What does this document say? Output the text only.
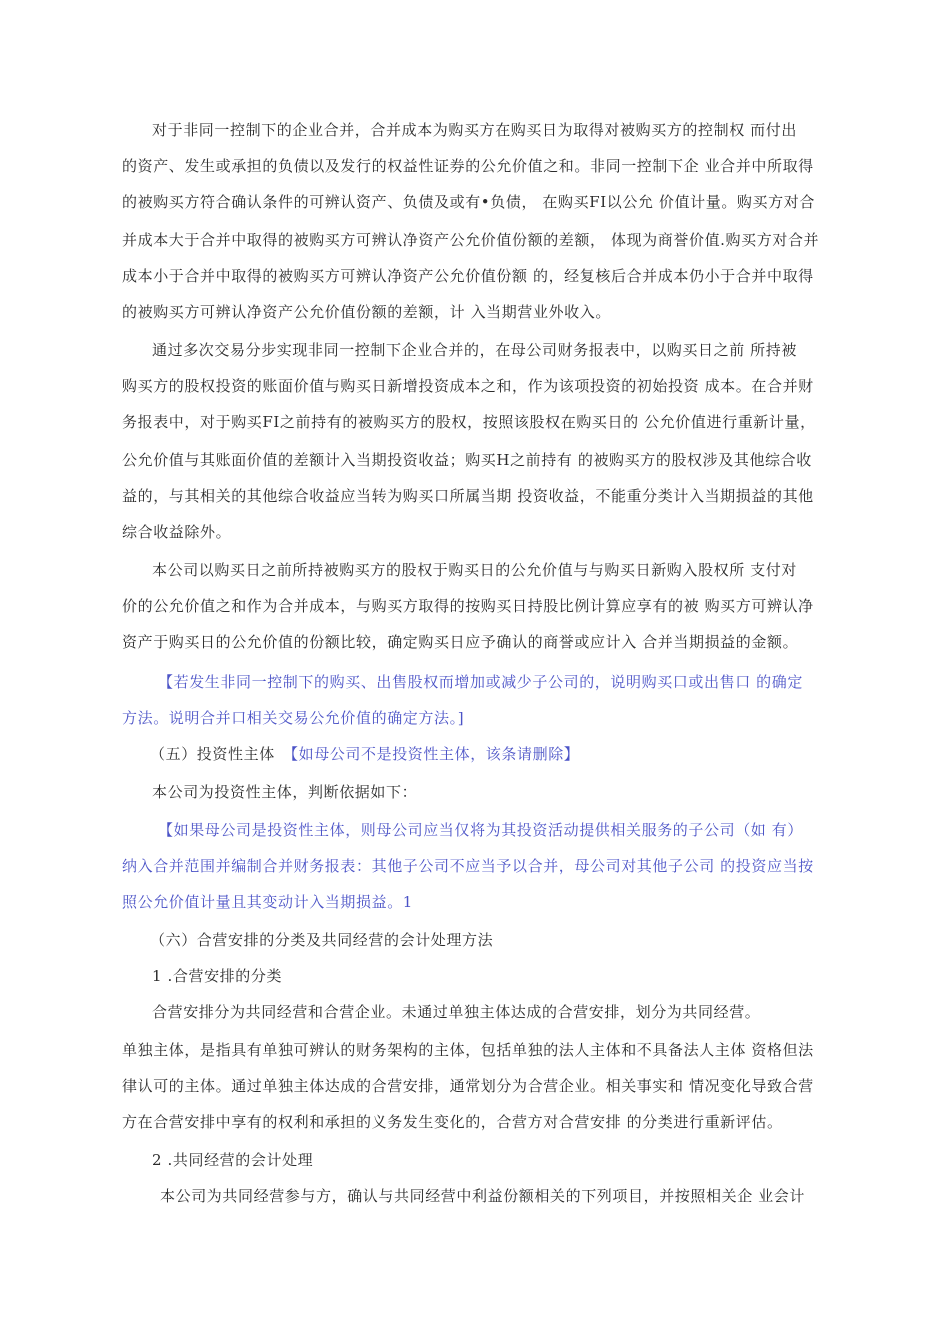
对于非同一控制下的企业合并，合并成本为购买方在购买日为取得对被购买方的控制权 而付出

的资产、发生或承担的负债以及发行的权益性证券的公允价值之和。非同一控制下企 业合并中所取得

的被购买方符合确认条件的可辨认资产、负债及或有•负债， 在购买FI以公允 价值计量。购买方对合

并成本大于合并中取得的被购买方可辨认净资产公允价值份额的差额， 体现为商誉价值.购买方对合并

成本小于合并中取得的被购买方可辨认净资产公允价值份额 的，经复核后合并成本仍小于合并中取得

的被购买方可辨认净资产公允价值份额的差额，计 入当期营业外收入。

通过多次交易分步实现非同一控制下企业合并的，在母公司财务报表中，以购买日之前 所持被

购买方的股权投资的账面价值与购买日新增投资成本之和，作为该项投资的初始投资 成本。在合并财

务报表中，对于购买FI之前持有的被购买方的股权，按照该股权在购买日的 公允价值进行重新计量，

公允价值与其账面价值的差额计入当期投资收益；购买H之前持有 的被购买方的股权涉及其他综合收

益的，与其相关的其他综合收益应当转为购买口所属当期 投资收益，不能重分类计入当期损益的其他

综合收益除外。

本公司以购买日之前所持被购买方的股权于购买日的公允价值与与购买日新购入股权所 支付对

价的公允价值之和作为合并成本，与购买方取得的按购买日持股比例计算应享有的被 购买方可辨认净

资产于购买日的公允价值的份额比较，确定购买日应予确认的商誉或应计入 合并当期损益的金额。

【若发生非同一控制下的购买、出售股权而增加或减少子公司的，说明购买口或出售口 的确定

方法。说明合并口相关交易公允价值的确定方法。]

（五）投资性主体 【如母公司不是投资性主体，该条请删除】

本公司为投资性主体，判断依据如下：

【如果母公司是投资性主体，则母公司应当仅将为其投资活动提供相关服务的子公司（如 有）

纳入合并范围并编制合并财务报表：其他子公司不应当予以合并，母公司对其他子公司 的投资应当按

照公允价值计量且其变动计入当期损益。1

（六）合营安排的分类及共同经营的会计处理方法

1 .合营安排的分类

合营安排分为共同经营和合营企业。未通过单独主体达成的合营安排，划分为共同经营。

单独主体，是指具有单独可辨认的财务架构的主体，包括单独的法人主体和不具备法人主体 资格但法

律认可的主体。通过单独主体达成的合营安排，通常划分为合营企业。相关事实和 情况变化导致合营

方在合营安排中享有的权利和承担的义务发生变化的，合营方对合营安排 的分类进行重新评估。

2 .共同经营的会计处理

本公司为共同经营参与方，确认与共同经营中利益份额相关的下列项目，并按照相关企 业会计
